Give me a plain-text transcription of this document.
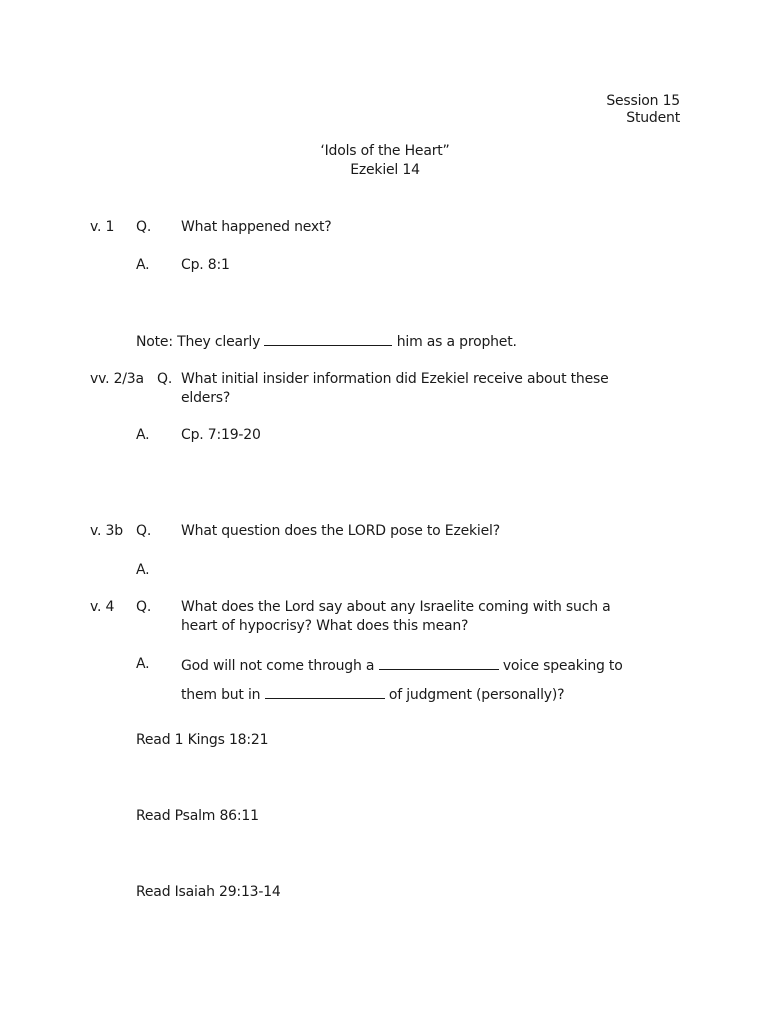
Session 15
Student
‘Idols of the Heart”
Ezekiel 14
v. 1 Q. What happened next?
A. Cp. 8:1
Note: They clearly	him as a prophet.
vv. 2/3a Q. What initial insider information did Ezekiel receive about these
elders?
A. Cp. 7:19-20
v. 3b Q. What question does the LORD pose to Ezekiel?
A.
v. 4 Q. What does the Lord say about any Israelite coming with such a
heart of hypocrisy? What does this mean?
A. God will not come through a	voice speaking to
them but in	of judgment (personally)?
Read 1 Kings 18:21
Read Psalm 86:11
Read Isaiah 29:13-14
